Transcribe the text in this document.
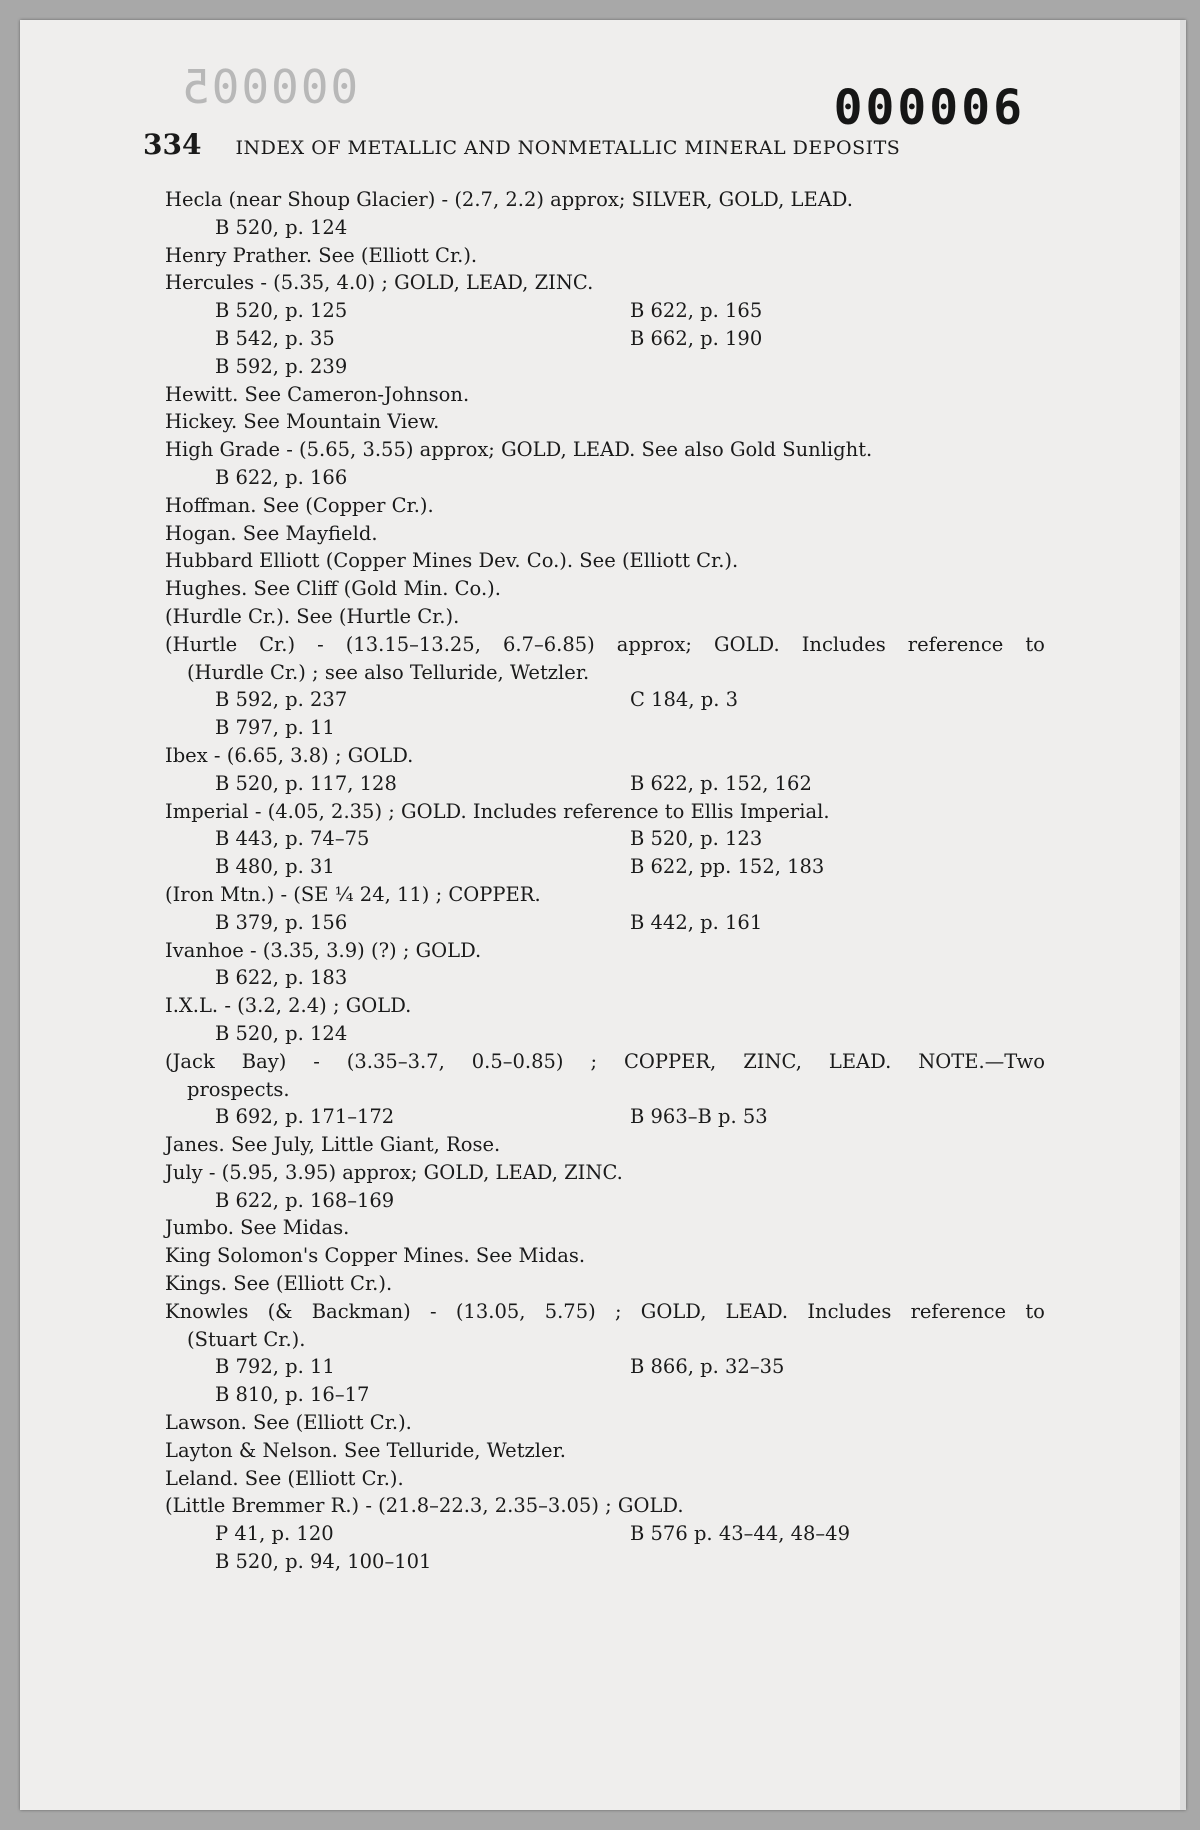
000005	000006
334 INDEX OF METALLIC AND NONMETALLIC MINERAL DEPOSITS
Hecla (near Shoup Glacier) - (2.7, 2.2) approx; SILVER, GOLD, LEAD.
B 520, p. 124
Henry Prather. See (Elliott Cr.).
Hercules - (5.35, 4.0) ; GOLD, LEAD, ZINC.
B 520, p. 125	B 622, p. 165
B 542, p. 35	B 662, p. 190
B 592, p. 239
Hewitt. See Cameron-Johnson.
Hickey. See Mountain View.
High Grade - (5.65, 3.55) approx; GOLD, LEAD. See also Gold Sunlight.
B 622, p. 166
Hoffman. See (Copper Cr.).
Hogan. See Mayfield.
Hubbard Elliott (Copper Mines Dev. Co.). See (Elliott Cr.).
Hughes. See Cliff (Gold Min. Co.).
(Hurdle Cr.). See (Hurtle Cr.).
(Hurtle Cr.) - (13.15–13.25, 6.7–6.85) approx; GOLD. Includes reference to
(Hurdle Cr.) ; see also Telluride, Wetzler.
B 592, p. 237	C 184, p. 3
B 797, p. 11
Ibex - (6.65, 3.8) ; GOLD.
B 520, p. 117, 128	B 622, p. 152, 162
Imperial - (4.05, 2.35) ; GOLD. Includes reference to Ellis Imperial.
B 443, p. 74–75	B 520, p. 123
B 480, p. 31	B 622, pp. 152, 183
(Iron Mtn.) - (SE ¼ 24, 11) ; COPPER.
B 379, p. 156	B 442, p. 161
Ivanhoe - (3.35, 3.9) (?) ; GOLD.
B 622, p. 183
I.X.L. - (3.2, 2.4) ; GOLD.
B 520, p. 124
(Jack Bay) - (3.35–3.7, 0.5–0.85) ; COPPER, ZINC, LEAD. NOTE.—Two
prospects.
B 692, p. 171–172	B 963–B p. 53
Janes. See July, Little Giant, Rose.
July - (5.95, 3.95) approx; GOLD, LEAD, ZINC.
B 622, p. 168–169
Jumbo. See Midas.
King Solomon's Copper Mines. See Midas.
Kings. See (Elliott Cr.).
Knowles (& Backman) - (13.05, 5.75) ; GOLD, LEAD. Includes reference to
(Stuart Cr.).
B 792, p. 11	B 866, p. 32–35
B 810, p. 16–17
Lawson. See (Elliott Cr.).
Layton & Nelson. See Telluride, Wetzler.
Leland. See (Elliott Cr.).
(Little Bremmer R.) - (21.8–22.3, 2.35–3.05) ; GOLD.
P 41, p. 120	B 576 p. 43–44, 48–49
B 520, p. 94, 100–101
